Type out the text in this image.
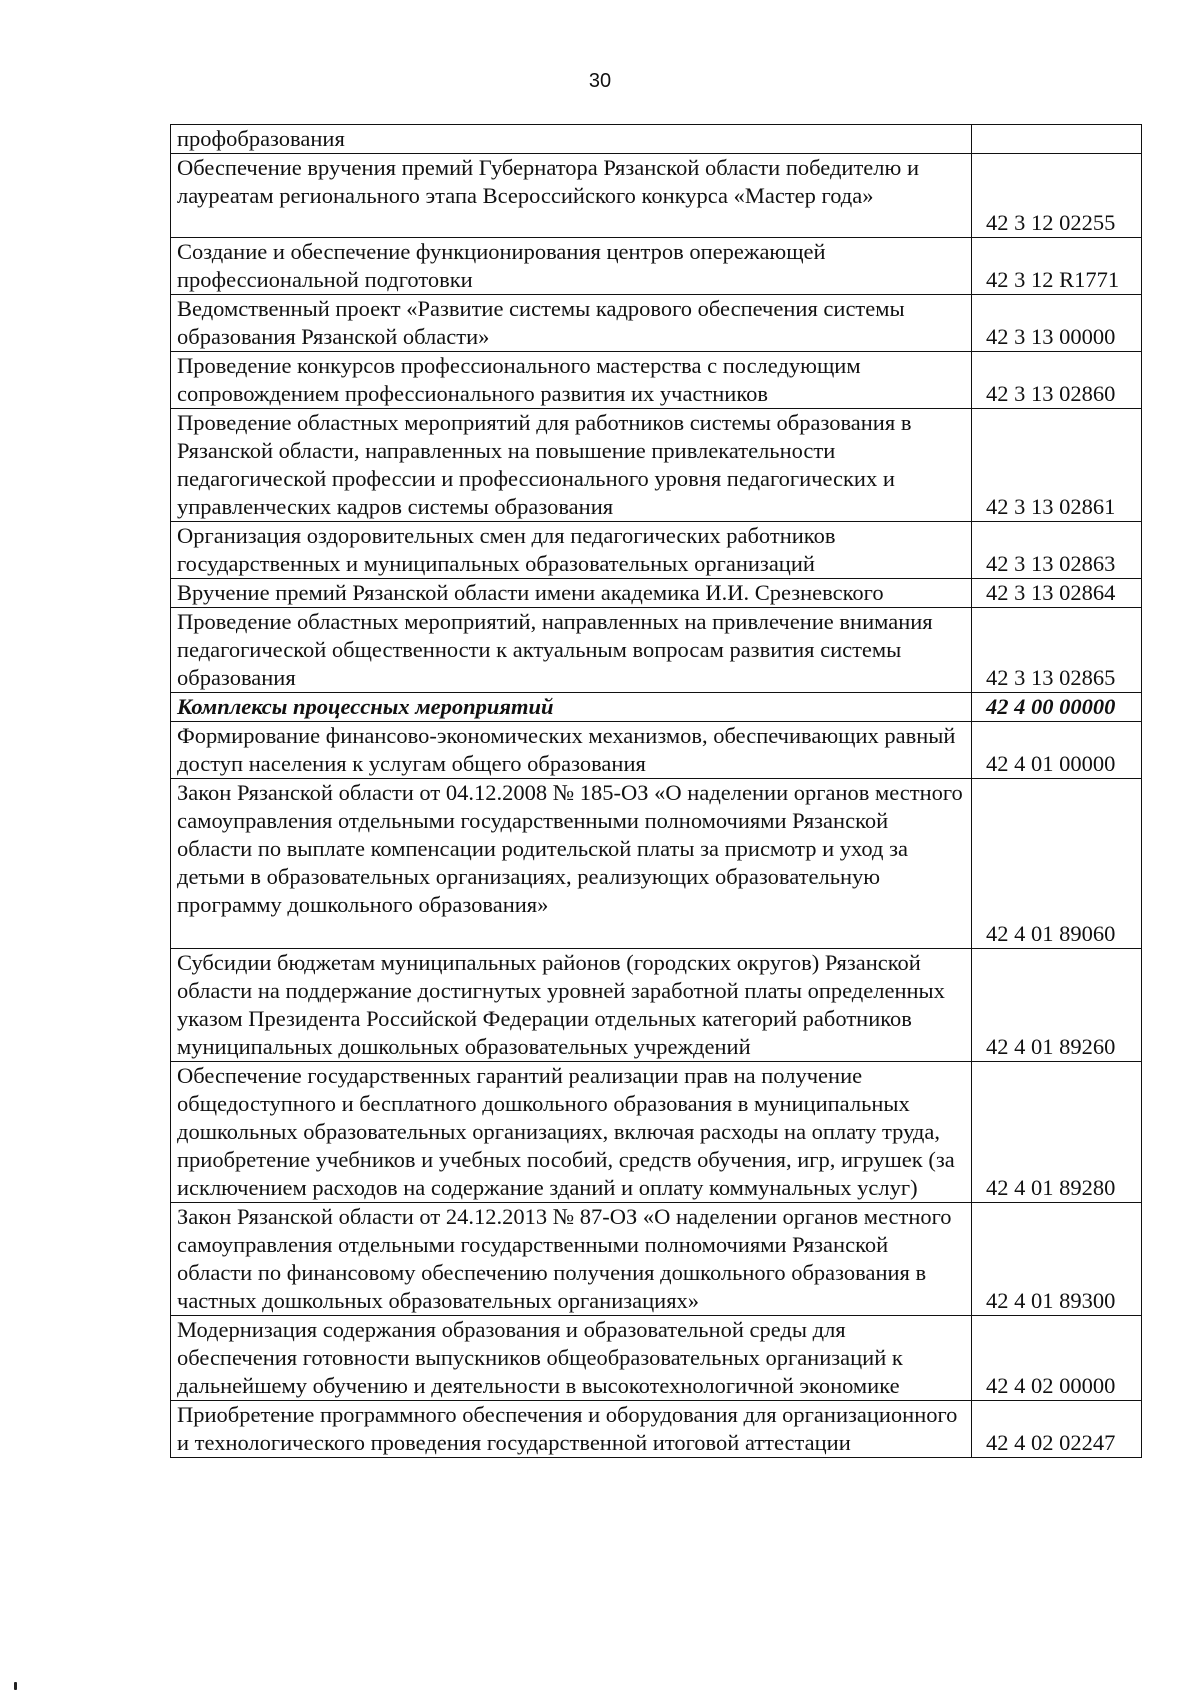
30
профобразования	
Обеспечение вручения премий Губернатора Рязанской области победителю и лауреатам регионального этапа Всероссийского конкурса «Мастер года»	42 3 12 02255
Создание и обеспечение функционирования центров опережающей профессиональной подготовки	42 3 12 R1771
Ведомственный проект «Развитие системы кадрового обеспечения системы образования Рязанской области»	42 3 13 00000
Проведение конкурсов профессионального мастерства с последующим сопровождением профессионального развития их участников	42 3 13 02860
Проведение областных мероприятий для работников системы образования в Рязанской области, направленных на повышение привлекательности педагогической профессии и профессионального уровня педагогических и управленческих кадров системы образования	42 3 13 02861
Организация оздоровительных смен для педагогических работников государственных и муниципальных образовательных организаций	42 3 13 02863
Вручение премий Рязанской области имени академика И.И. Срезневского	42 3 13 02864
Проведение областных мероприятий, направленных на привлечение внимания педагогической общественности к актуальным вопросам развития системы образования	42 3 13 02865
Комплексы процессных мероприятий	42 4 00 00000
Формирование финансово-экономических механизмов, обеспечивающих равный доступ населения к услугам общего образования	42 4 01 00000
Закон Рязанской области от 04.12.2008 № 185-ОЗ «О наделении органов местного самоуправления отдельными государственными полномочиями Рязанской области по выплате компенсации родительской платы за присмотр и уход за детьми в образовательных организациях, реализующих образовательную программу дошкольного образования»	42 4 01 89060
Субсидии бюджетам муниципальных районов (городских округов) Рязанской области на поддержание достигнутых уровней заработной платы определенных указом Президента Российской Федерации отдельных категорий работников муниципальных дошкольных образовательных учреждений	42 4 01 89260
Обеспечение государственных гарантий реализации прав на получение общедоступного и бесплатного дошкольного образования в муниципальных дошкольных образовательных организациях, включая расходы на оплату труда, приобретение учебников и учебных пособий, средств обучения, игр, игрушек (за исключением расходов на содержание зданий и оплату коммунальных услуг)	42 4 01 89280
Закон Рязанской области от 24.12.2013 № 87-ОЗ «О наделении органов местного самоуправления отдельными государственными полномочиями Рязанской области по финансовому обеспечению получения дошкольного образования в частных дошкольных образовательных организациях»	42 4 01 89300
Модернизация содержания образования и образовательной среды для обеспечения готовности выпускников общеобразовательных организаций к дальнейшему обучению и деятельности в высокотехнологичной экономике	42 4 02 00000
Приобретение программного обеспечения и оборудования для организационного и технологического проведения государственной итоговой аттестации	42 4 02 02247
